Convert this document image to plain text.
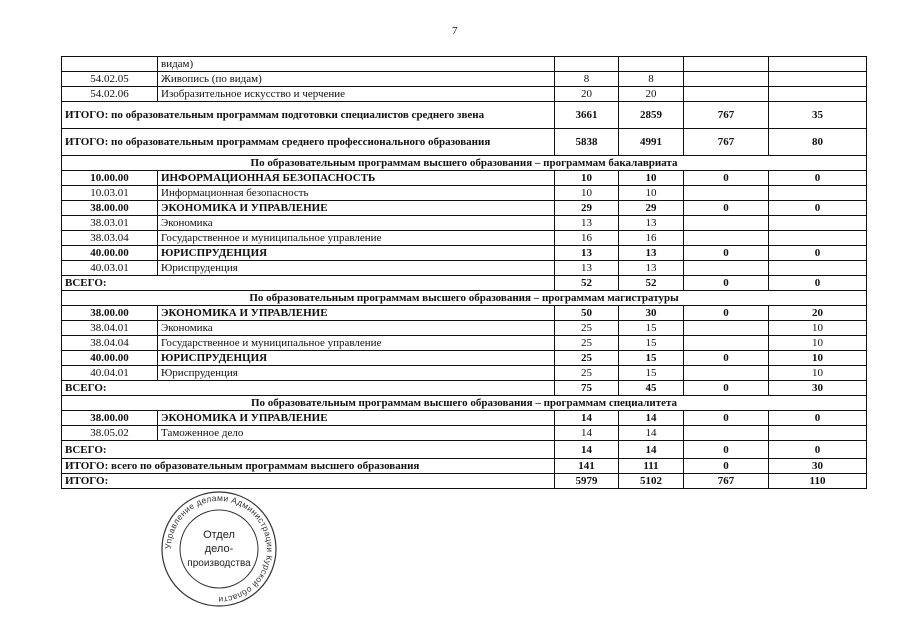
7
	видам)				
54.02.05	Живопись (по видам)	8	8		
54.02.06	Изобразительное искусство и черчение	20	20		
ИТОГО: по образовательным программам подготовки специалистов среднего звена		3661	2859	767	35
ИТОГО: по образовательным программам среднего профессионального образования		5838	4991	767	80
По образовательным программам высшего образования – программам бакалавриата					
10.00.00	ИНФОРМАЦИОННАЯ БЕЗОПАСНОСТЬ	10	10	0	0
10.03.01	Информационная безопасность	10	10		
38.00.00	ЭКОНОМИКА И УПРАВЛЕНИЕ	29	29	0	0
38.03.01	Экономика	13	13		
38.03.04	Государственное и муниципальное управление	16	16		
40.00.00	ЮРИСПРУДЕНЦИЯ	13	13	0	0
40.03.01	Юриспруденция	13	13		
ВСЕГО:		52	52	0	0
По образовательным программам высшего образования – программам магистратуры					
38.00.00	ЭКОНОМИКА И УПРАВЛЕНИЕ	50	30	0	20
38.04.01	Экономика	25	15		10
38.04.04	Государственное и муниципальное управление	25	15		10
40.00.00	ЮРИСПРУДЕНЦИЯ	25	15	0	10
40.04.01	Юриспруденция	25	15		10
ВСЕГО:		75	45	0	30
По образовательным программам высшего образования – программам специалитета					
38.00.00	ЭКОНОМИКА И УПРАВЛЕНИЕ	14	14	0	0
38.05.02	Таможенное дело	14	14		
ВСЕГО:		14	14	0	0
ИТОГО: всего по образовательным программам высшего образования		141	111	0	30
ИТОГО:		5979	5102	767	110
Управление делами Администрации Курской области
Отдел
дело-
производства
